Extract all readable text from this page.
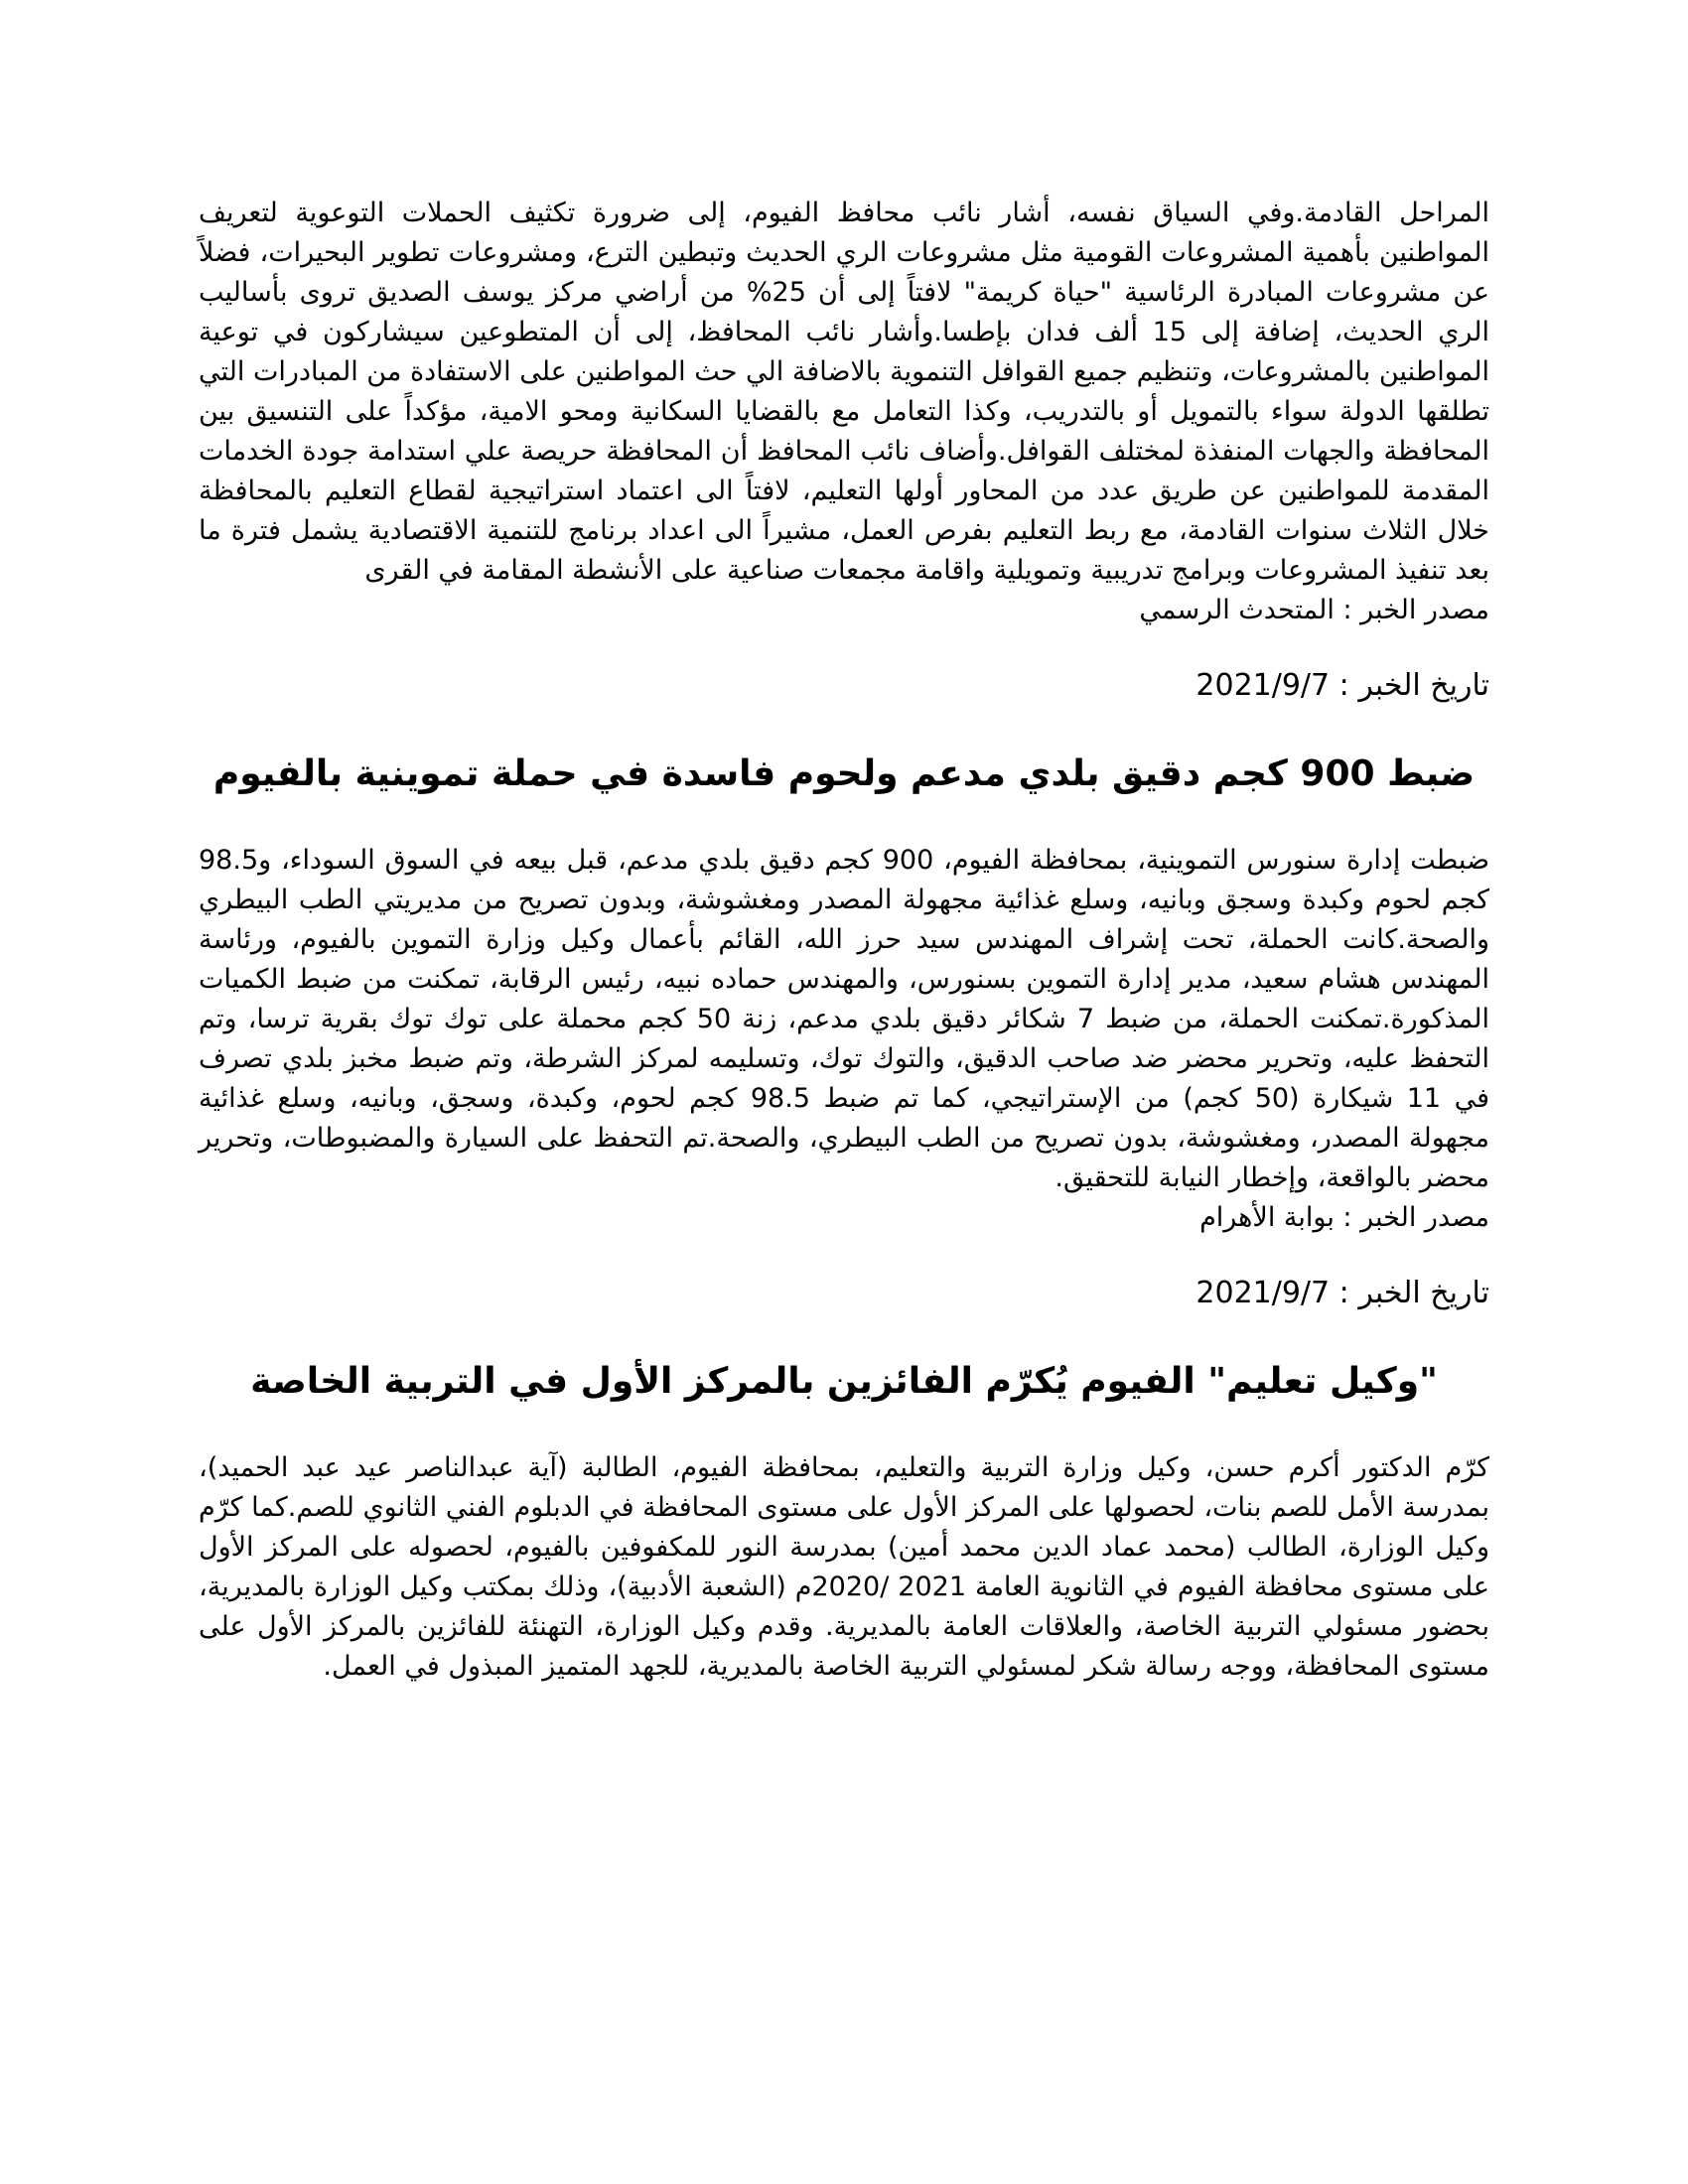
المراحل القادمة.وفي السياق نفسه، أشار نائب محافظ الفيوم، إلى ضرورة تكثيف الحملات التوعوية لتعريف المواطنين بأهمية المشروعات القومية مثل مشروعات الري الحديث وتبطين الترع، ومشروعات تطوير البحيرات، فضلاً عن مشروعات المبادرة الرئاسية "حياة كريمة" لافتاً إلى أن 25% من أراضي مركز يوسف الصديق تروى بأساليب الري الحديث، إضافة إلى 15 ألف فدان بإطسا.وأشار نائب المحافظ، إلى أن المتطوعين سيشاركون في توعية المواطنين بالمشروعات، وتنظيم جميع القوافل التنموية بالاضافة الي حث المواطنين على الاستفادة من المبادرات التي تطلقها الدولة سواء بالتمويل أو بالتدريب، وكذا التعامل مع بالقضايا السكانية ومحو الامية، مؤكداً على التنسيق بين المحافظة والجهات المنفذة لمختلف القوافل.وأضاف نائب المحافظ أن المحافظة حريصة علي استدامة جودة الخدمات المقدمة للمواطنين عن طريق عدد من المحاور أولها التعليم، لافتاً الى اعتماد استراتيجية لقطاع التعليم بالمحافظة خلال الثلاث سنوات القادمة، مع ربط التعليم بفرص العمل، مشيراً الى اعداد برنامج للتنمية الاقتصادية يشمل فترة ما بعد تنفيذ المشروعات وبرامج تدريبية وتمويلية واقامة مجمعات صناعية على الأنشطة المقامة في القرى

مصدر الخبر : المتحدث الرسمي

تاريخ الخبر : 2021/9/7

ضبط 900 كجم دقيق بلدي مدعم ولحوم فاسدة في حملة تموينية بالفيوم

ضبطت إدارة سنورس التموينية، بمحافظة الفيوم، 900 كجم دقيق بلدي مدعم، قبل بيعه في السوق السوداء، و98.5 كجم لحوم وكبدة وسجق وبانيه، وسلع غذائية مجهولة المصدر ومغشوشة، وبدون تصريح من مديريتي الطب البيطري والصحة.كانت الحملة، تحت إشراف المهندس سيد حرز الله، القائم بأعمال وكيل وزارة التموين بالفيوم، ورئاسة المهندس هشام سعيد، مدير إدارة التموين بسنورس، والمهندس حماده نبيه، رئيس الرقابة، تمكنت من ضبط الكميات المذكورة.تمكنت الحملة، من ضبط 7 شكائر دقيق بلدي مدعم، زنة 50 كجم محملة على توك توك بقرية ترسا، وتم التحفظ عليه، وتحرير محضر ضد صاحب الدقيق، والتوك توك، وتسليمه لمركز الشرطة، وتم ضبط مخبز بلدي تصرف في 11 شيكارة (50 كجم) من الإستراتيجي، كما تم ضبط 98.5 كجم لحوم، وكبدة، وسجق، وبانيه، وسلع غذائية مجهولة المصدر، ومغشوشة، بدون تصريح من الطب البيطري، والصحة.تم التحفظ على السيارة والمضبوطات، وتحرير محضر بالواقعة، وإخطار النيابة للتحقيق.

مصدر الخبر : بوابة الأهرام

تاريخ الخبر : 2021/9/7

"وكيل تعليم" الفيوم يُكرّم الفائزين بالمركز الأول في التربية الخاصة

كرّم الدكتور أكرم حسن، وكيل وزارة التربية والتعليم، بمحافظة الفيوم، الطالبة (آية عبدالناصر عيد عبد الحميد)، بمدرسة الأمل للصم بنات، لحصولها على المركز الأول على مستوى المحافظة في الدبلوم الفني الثانوي للصم.كما كرّم وكيل الوزارة، الطالب (محمد عماد الدين محمد أمين) بمدرسة النور للمكفوفين بالفيوم، لحصوله على المركز الأول على مستوى محافظة الفيوم في الثانوية العامة 2021 /2020م (الشعبة الأدبية)، وذلك بمكتب وكيل الوزارة بالمديرية، بحضور مسئولي التربية الخاصة، والعلاقات العامة بالمديرية. وقدم وكيل الوزارة، التهنئة للفائزين بالمركز الأول على مستوى المحافظة، ووجه رسالة شكر لمسئولي التربية الخاصة بالمديرية، للجهد المتميز المبذول في العمل.
